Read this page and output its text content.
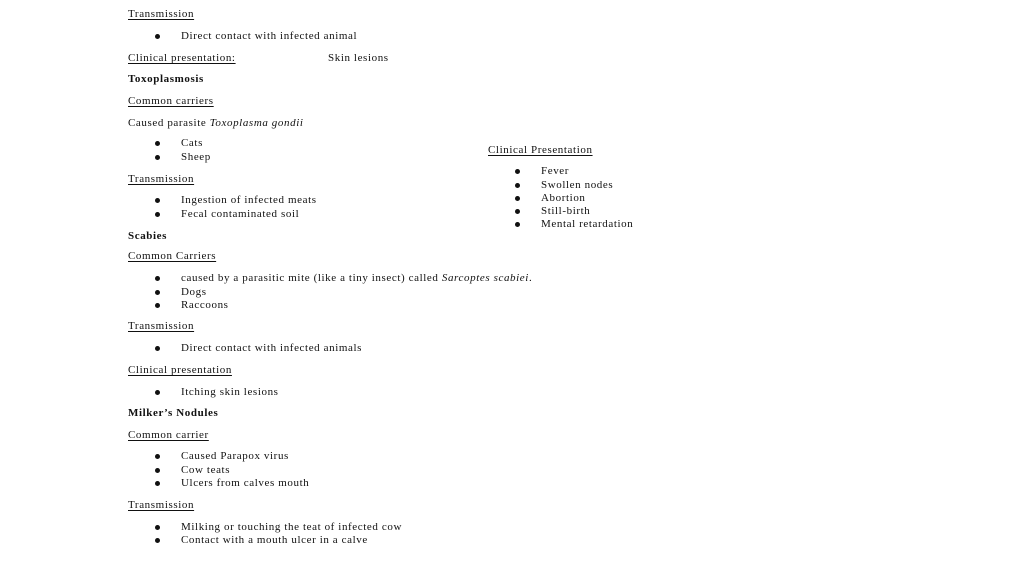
Transmission
Direct contact with infected animal
Clinical presentation:	Skin lesions
Toxoplasmosis
Common carriers
Caused parasite Toxoplasma gondii
Cats
Sheep
Transmission
Ingestion of infected meats
Fecal contaminated soil
Clinical Presentation
Fever
Swollen nodes
Abortion
Still-birth
Mental retardation
Scabies
Common Carriers
caused by a parasitic mite (like a tiny insect) called Sarcoptes scabiei.
Dogs
Raccoons
Transmission
Direct contact with infected animals
Clinical presentation
Itching skin lesions
Milker’s Nodules
Common carrier
Caused Parapox virus
Cow teats
Ulcers from calves mouth
Transmission
Milking or touching the teat of infected cow
Contact with a mouth ulcer in a calve
